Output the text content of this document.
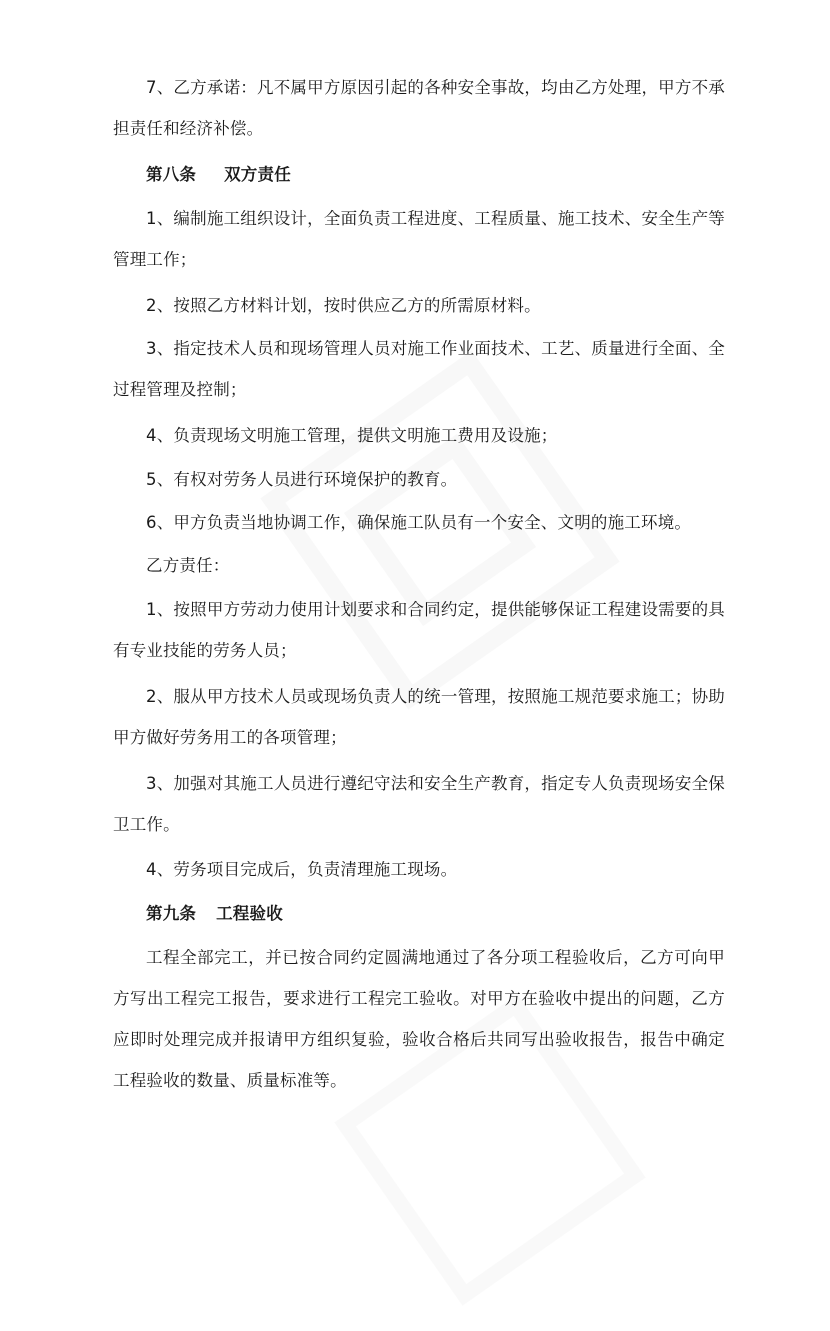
7、乙方承诺：凡不属甲方原因引起的各种安全事故，均由乙方处理，甲方不承担责任和经济补偿。

第八条 双方责任

1、编制施工组织设计，全面负责工程进度、工程质量、施工技术、安全生产等管理工作；

2、按照乙方材料计划，按时供应乙方的所需原材料。

3、指定技术人员和现场管理人员对施工作业面技术、工艺、质量进行全面、全过程管理及控制；

4、负责现场文明施工管理，提供文明施工费用及设施；

5、有权对劳务人员进行环境保护的教育。

6、甲方负责当地协调工作，确保施工队员有一个安全、文明的施工环境。

乙方责任：

1、按照甲方劳动力使用计划要求和合同约定，提供能够保证工程建设需要的具有专业技能的劳务人员；

2、服从甲方技术人员或现场负责人的统一管理，按照施工规范要求施工；协助甲方做好劳务用工的各项管理；

3、加强对其施工人员进行遵纪守法和安全生产教育，指定专人负责现场安全保卫工作。

4、劳务项目完成后，负责清理施工现场。

第九条 工程验收

工程全部完工，并已按合同约定圆满地通过了各分项工程验收后，乙方可向甲方写出工程完工报告，要求进行工程完工验收。对甲方在验收中提出的问题，乙方应即时处理完成并报请甲方组织复验，验收合格后共同写出验收报告，报告中确定工程验收的数量、质量标准等。
